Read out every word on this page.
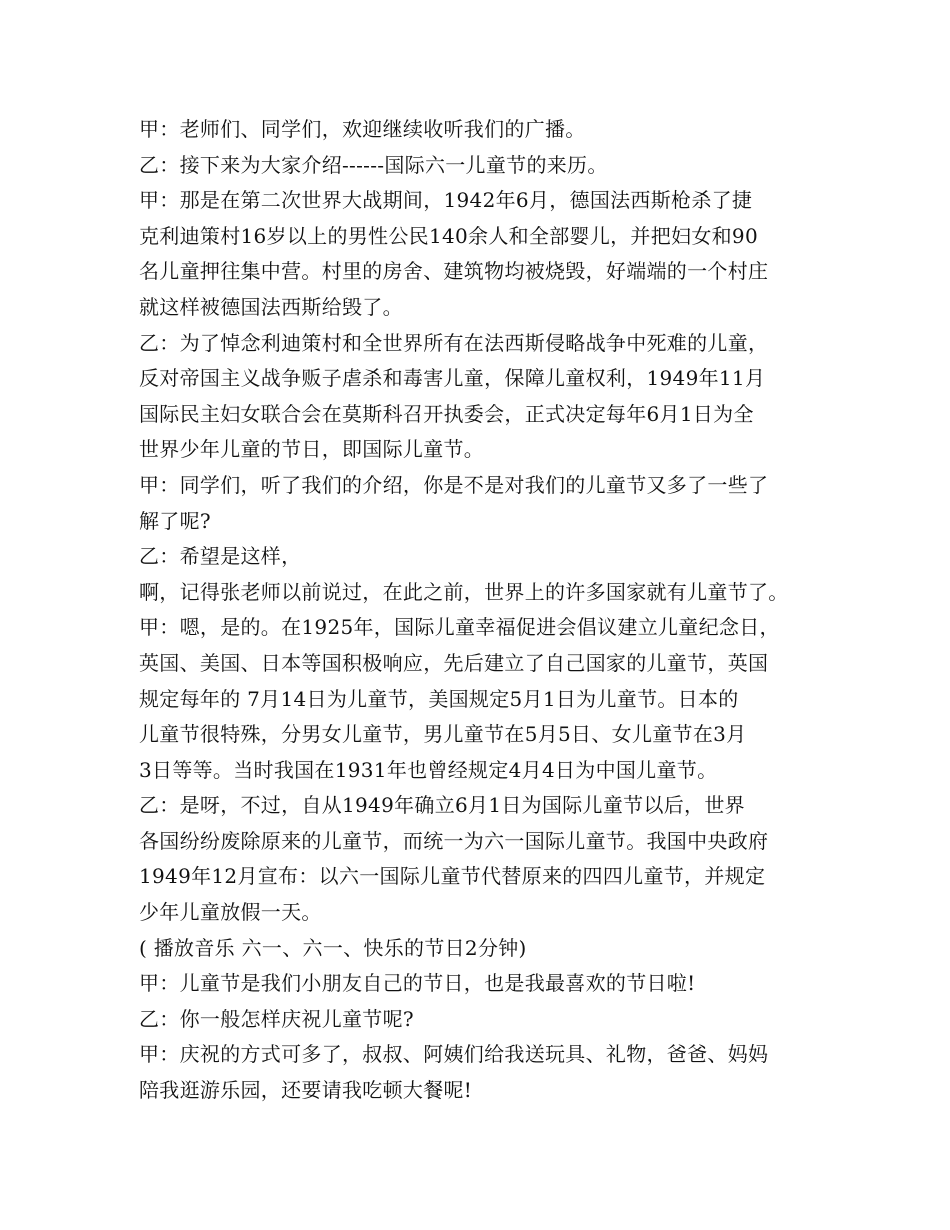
甲：老师们、同学们，欢迎继续收听我们的广播。
乙：接下来为大家介绍------国际六一儿童节的来历。
甲：那是在第二次世界大战期间，1942年6月，德国法西斯枪杀了捷
克利迪策村16岁以上的男性公民140余人和全部婴儿，并把妇女和90
名儿童押往集中营。村里的房舍、建筑物均被烧毁，好端端的一个村庄
就这样被德国法西斯给毁了。
乙：为了悼念利迪策村和全世界所有在法西斯侵略战争中死难的儿童，
反对帝国主义战争贩子虐杀和毒害儿童，保障儿童权利，1949年11月
国际民主妇女联合会在莫斯科召开执委会，正式决定每年6月1日为全
世界少年儿童的节日，即国际儿童节。
甲：同学们，听了我们的介绍，你是不是对我们的儿童节又多了一些了
解了呢?
乙：希望是这样，
啊，记得张老师以前说过，在此之前，世界上的许多国家就有儿童节了。
甲：嗯，是的。在1925年，国际儿童幸福促进会倡议建立儿童纪念日，
英国、美国、日本等国积极响应，先后建立了自己国家的儿童节，英国
规定每年的 7月14日为儿童节，美国规定5月1日为儿童节。日本的
儿童节很特殊，分男女儿童节，男儿童节在5月5日、女儿童节在3月
3日等等。当时我国在1931年也曾经规定4月4日为中国儿童节。
乙：是呀，不过，自从1949年确立6月1日为国际儿童节以后，世界
各国纷纷废除原来的儿童节，而统一为六一国际儿童节。我国中央政府
1949年12月宣布：以六一国际儿童节代替原来的四四儿童节，并规定
少年儿童放假一天。
( 播放音乐 六一、六一、快乐的节日2分钟)
甲：儿童节是我们小朋友自己的节日，也是我最喜欢的节日啦!
乙：你一般怎样庆祝儿童节呢?
甲：庆祝的方式可多了，叔叔、阿姨们给我送玩具、礼物，爸爸、妈妈
陪我逛游乐园，还要请我吃顿大餐呢!
